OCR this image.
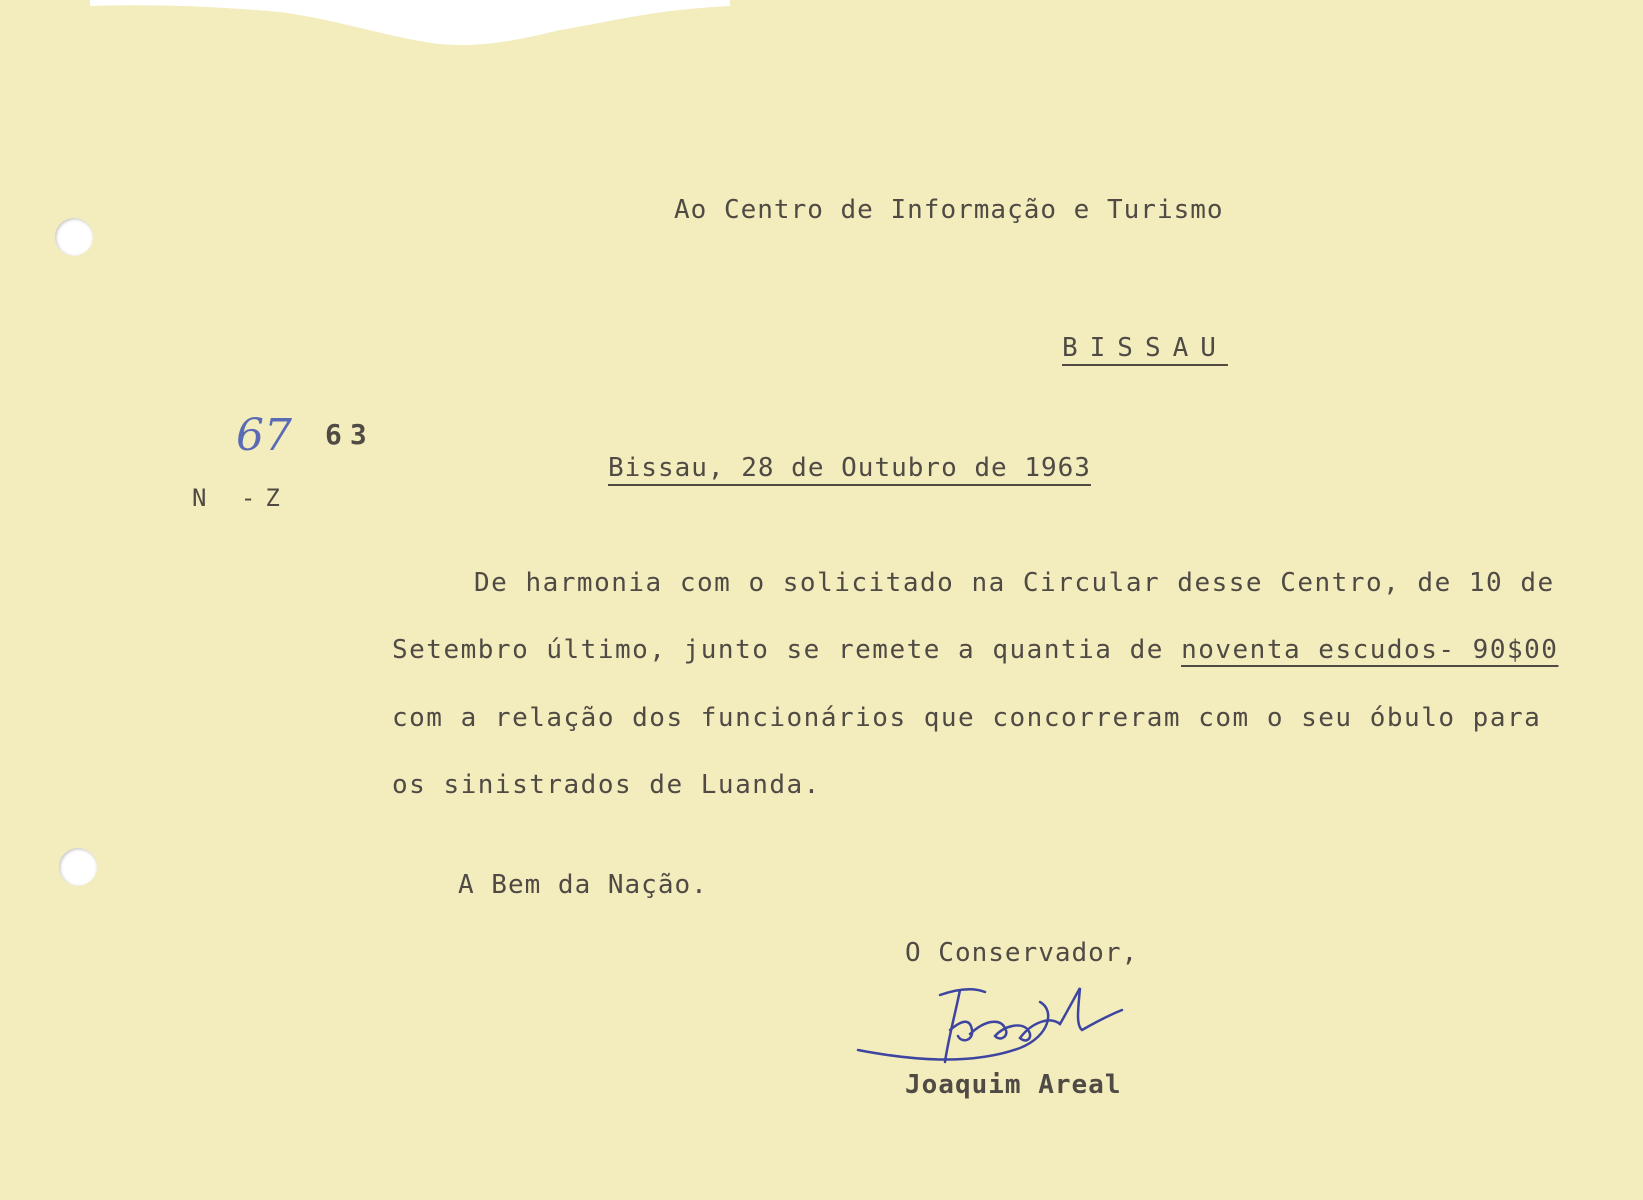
Ao Centro de Informação e Turismo
BISSAU
67 63
N -Z
Bissau, 28 de Outubro de 1963
De harmonia com o solicitado na Circular desse Centro, de 10 de
Setembro último, junto se remete a quantia de noventa escudos- 90$00
com a relação dos funcionários que concorreram com o seu óbulo para
os sinistrados de Luanda.
A Bem da Nação.
O Conservador,
Joaquim Areal
